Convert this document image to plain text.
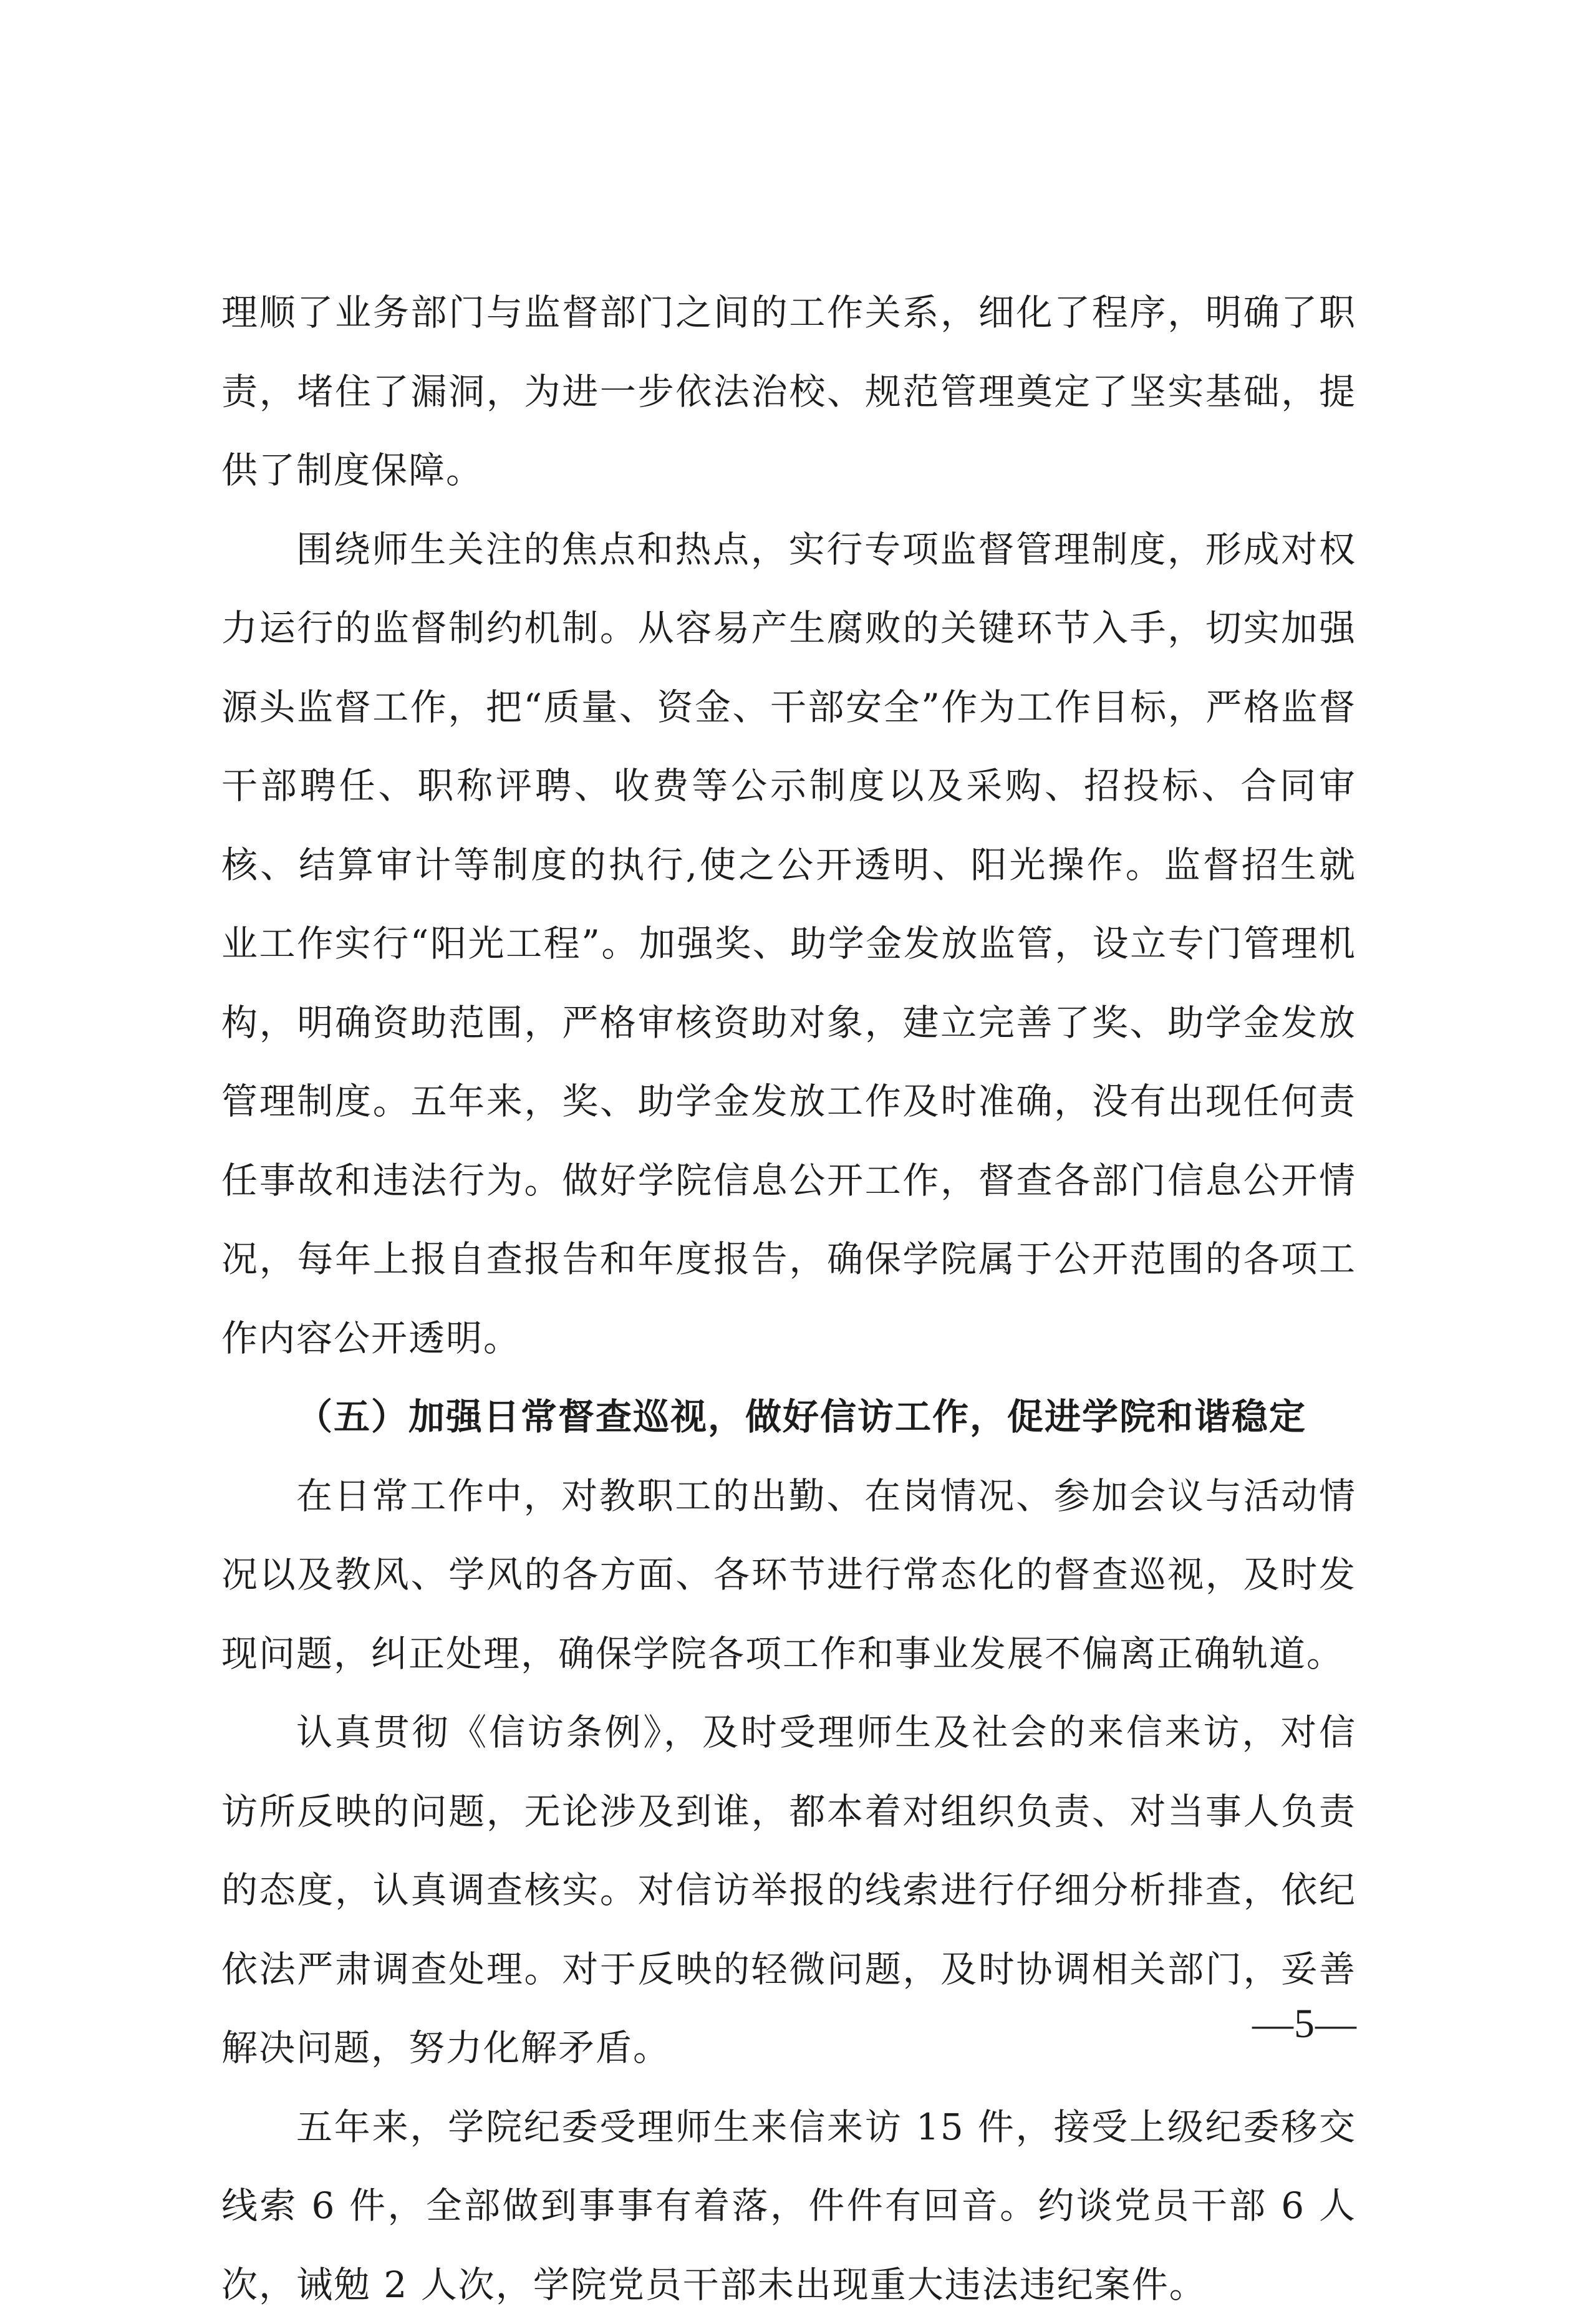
理顺了业务部门与监督部门之间的工作关系，细化了程序，明确了职责，堵住了漏洞，为进一步依法治校、规范管理奠定了坚实基础，提供了制度保障。

围绕师生关注的焦点和热点，实行专项监督管理制度，形成对权力运行的监督制约机制。从容易产生腐败的关键环节入手，切实加强源头监督工作，把“质量、资金、干部安全”作为工作目标，严格监督干部聘任、职称评聘、收费等公示制度以及采购、招投标、合同审核、结算审计等制度的执行,使之公开透明、阳光操作。监督招生就业工作实行“阳光工程”。加强奖、助学金发放监管，设立专门管理机构，明确资助范围，严格审核资助对象，建立完善了奖、助学金发放管理制度。五年来，奖、助学金发放工作及时准确，没有出现任何责任事故和违法行为。做好学院信息公开工作，督查各部门信息公开情况，每年上报自查报告和年度报告，确保学院属于公开范围的各项工作内容公开透明。

（五）加强日常督查巡视，做好信访工作，促进学院和谐稳定

在日常工作中，对教职工的出勤、在岗情况、参加会议与活动情况以及教风、学风的各方面、各环节进行常态化的督查巡视，及时发现问题，纠正处理，确保学院各项工作和事业发展不偏离正确轨道。

认真贯彻《信访条例》，及时受理师生及社会的来信来访，对信访所反映的问题，无论涉及到谁，都本着对组织负责、对当事人负责的态度，认真调查核实。对信访举报的线索进行仔细分析排查，依纪依法严肃调查处理。对于反映的轻微问题，及时协调相关部门，妥善解决问题，努力化解矛盾。

五年来，学院纪委受理师生来信来访 15 件，接受上级纪委移交线索 6 件，全部做到事事有着落，件件有回音。约谈党员干部 6 人次，诫勉 2 人次，学院党员干部未出现重大违法违纪案件。

—5—
